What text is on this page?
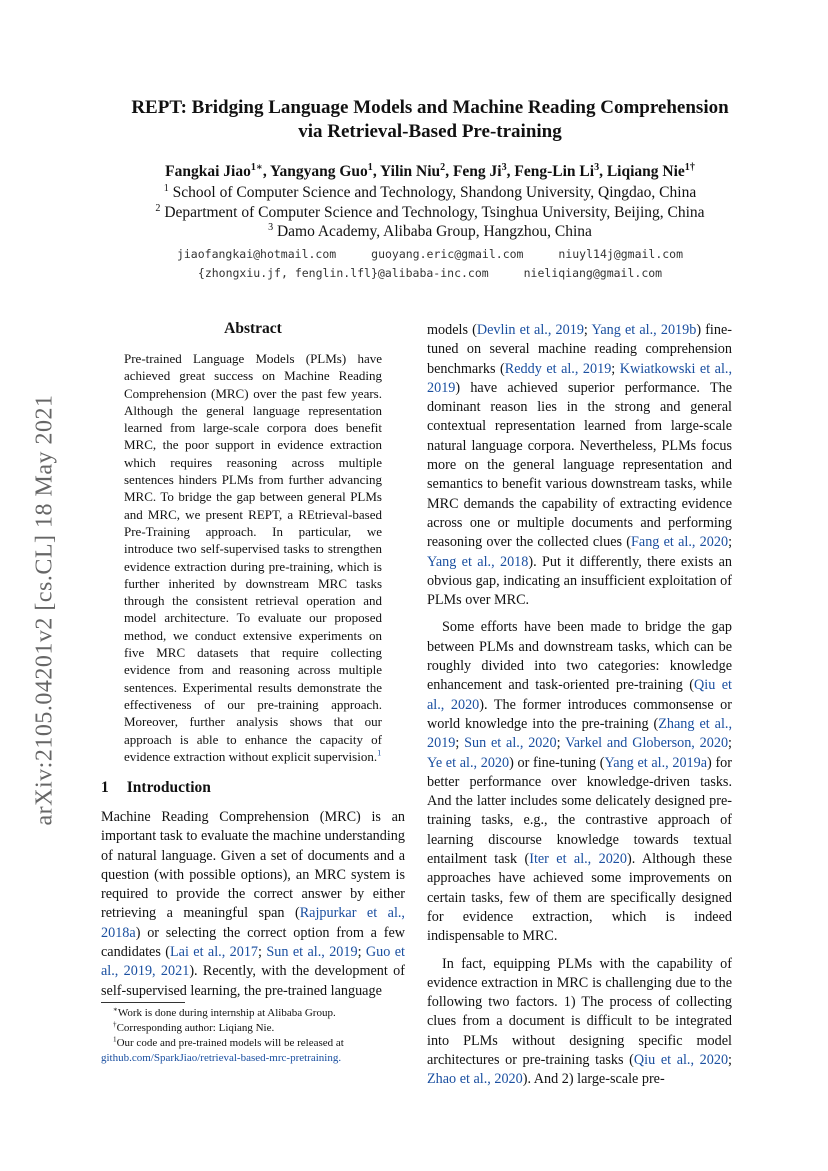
arXiv:2105.04201v2 [cs.CL] 18 May 2021
REPT: Bridging Language Models and Machine Reading Comprehension
via Retrieval-Based Pre-training
Fangkai Jiao$^{1∗}$, Yangyang Guo$^1$, Yilin Niu$^2$, Feng Ji$^3$, Feng-Lin Li$^3$, Liqiang Nie$^{1\dagger}$
$^1$ School of Computer Science and Technology, Shandong University, Qingdao, China
$^2$ Department of Computer Science and Technology, Tsinghua University, Beijing, China
$^3$ Damo Academy, Alibaba Group, Hangzhou, China
jiaofangkai@hotmail.com	guoyang.eric@gmail.com	niuyl14j@gmail.com
{zhongxiu.jf, fenglin.lfl}@alibaba-inc.com	nieliqiang@gmail.com
Abstract
Pre-trained Language Models (PLMs) have achieved great success on Machine Reading Comprehension (MRC) over the past few years. Although the general language representation learned from large-scale corpora does benefit MRC, the poor support in evidence extraction which requires reasoning across multiple sentences hinders PLMs from further advancing MRC. To bridge the gap between general PLMs and MRC, we present REPT, a REtrieval-based Pre-Training approach. In particular, we introduce two self-supervised tasks to strengthen evidence extraction during pre-training, which is further inherited by downstream MRC tasks through the consistent retrieval operation and model architecture. To evaluate our proposed method, we conduct extensive experiments on five MRC datasets that require collecting evidence from and reasoning across multiple sentences. Experimental results demonstrate the effectiveness of our pre-training approach. Moreover, further analysis shows that our approach is able to enhance the capacity of evidence extraction without explicit supervision.$^1$
1 Introduction

Machine Reading Comprehension (MRC) is an important task to evaluate the machine understanding of natural language. Given a set of documents and a question (with possible options), an MRC system is required to provide the correct answer by either retrieving a meaningful span (Rajpurkar et al., 2018a) or selecting the correct option from a few candidates (Lai et al., 2017; Sun et al., 2019; Guo et al., 2019, 2021). Recently, with the development of self-supervised learning, the pre-trained language

∗Work is done during internship at Alibaba Group.
†Corresponding author: Liqiang Nie.
$^1$Our code and pre-trained models will be released at
github.com/SparkJiao/retrieval-based-mrc-pretraining.

models (Devlin et al., 2019; Yang et al., 2019b) fine-tuned on several machine reading comprehension benchmarks (Reddy et al., 2019; Kwiatkowski et al., 2019) have achieved superior performance. The dominant reason lies in the strong and general contextual representation learned from large-scale natural language corpora. Nevertheless, PLMs focus more on the general language representation and semantics to benefit various downstream tasks, while MRC demands the capability of extracting evidence across one or multiple documents and performing reasoning over the collected clues (Fang et al., 2020; Yang et al., 2018). Put it differently, there exists an obvious gap, indicating an insufficient exploitation of PLMs over MRC.

Some efforts have been made to bridge the gap between PLMs and downstream tasks, which can be roughly divided into two categories: knowledge enhancement and task-oriented pre-training (Qiu et al., 2020). The former introduces commonsense or world knowledge into the pre-training (Zhang et al., 2019; Sun et al., 2020; Varkel and Globerson, 2020; Ye et al., 2020) or fine-tuning (Yang et al., 2019a) for better performance over knowledge-driven tasks. And the latter includes some delicately designed pre-training tasks, e.g., the contrastive approach of learning discourse knowledge towards textual entailment task (Iter et al., 2020). Although these approaches have achieved some improvements on certain tasks, few of them are specifically designed for evidence extraction, which is indeed indispensable to MRC.

In fact, equipping PLMs with the capability of evidence extraction in MRC is challenging due to the following two factors. 1) The process of collecting clues from a document is difficult to be integrated into PLMs without designing specific model architectures or pre-training tasks (Qiu et al., 2020; Zhao et al., 2020). And 2) large-scale pre-
